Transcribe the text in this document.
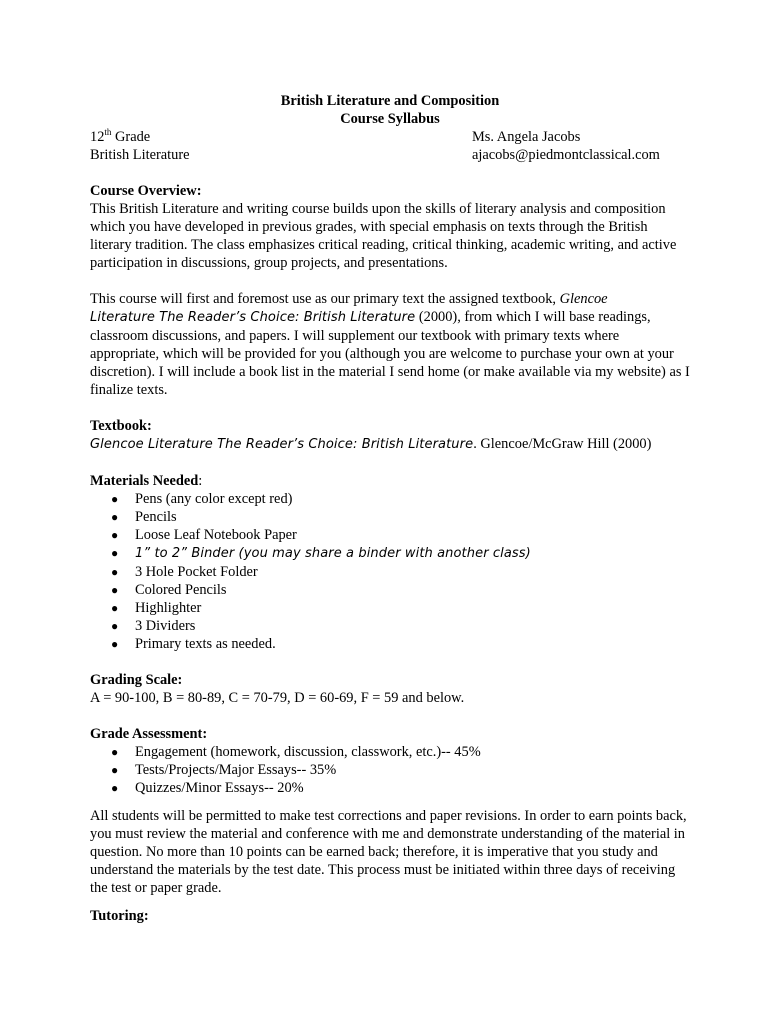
British Literature and Composition
Course Syllabus
12th Grade	Ms. Angela Jacobs
British Literature	ajacobs@piedmontclassical.com
Course Overview:

This British Literature and writing course builds upon the skills of literary analysis and composition which you have developed in previous grades, with special emphasis on texts through the British literary tradition. The class emphasizes critical reading, critical thinking, academic writing, and active participation in discussions, group projects, and presentations.

This course will first and foremost use as our primary text the assigned textbook, Glencoe
Literature The Reader’s Choice: British Literature (2000), from which I will base readings, classroom discussions, and papers. I will supplement our textbook with primary texts where appropriate, which will be provided for you (although you are welcome to purchase your own at your discretion). I will include a book list in the material I send home (or make available via my website) as I finalize texts.

Textbook:

Glencoe Literature The Reader’s Choice: British Literature. Glencoe/McGraw Hill (2000)

Materials Needed:
● Pens (any color except red)
● Pencils
● Loose Leaf Notebook Paper
● 1” to 2” Binder (you may share a binder with another class)
● 3 Hole Pocket Folder
● Colored Pencils
● Highlighter
● 3 Dividers
● Primary texts as needed.
Grading Scale:

A = 90-100, B = 80-89, C = 70-79, D = 60-69, F = 59 and below.

Grade Assessment:
● Engagement (homework, discussion, classwork, etc.)-- 45%
● Tests/Projects/Major Essays-- 35%
● Quizzes/Minor Essays-- 20%

All students will be permitted to make test corrections and paper revisions. In order to earn points back, you must review the material and conference with me and demonstrate understanding of the material in question. No more than 10 points can be earned back; therefore, it is imperative that you study and understand the materials by the test date. This process must be initiated within three days of receiving the test or paper grade.

Tutoring:
